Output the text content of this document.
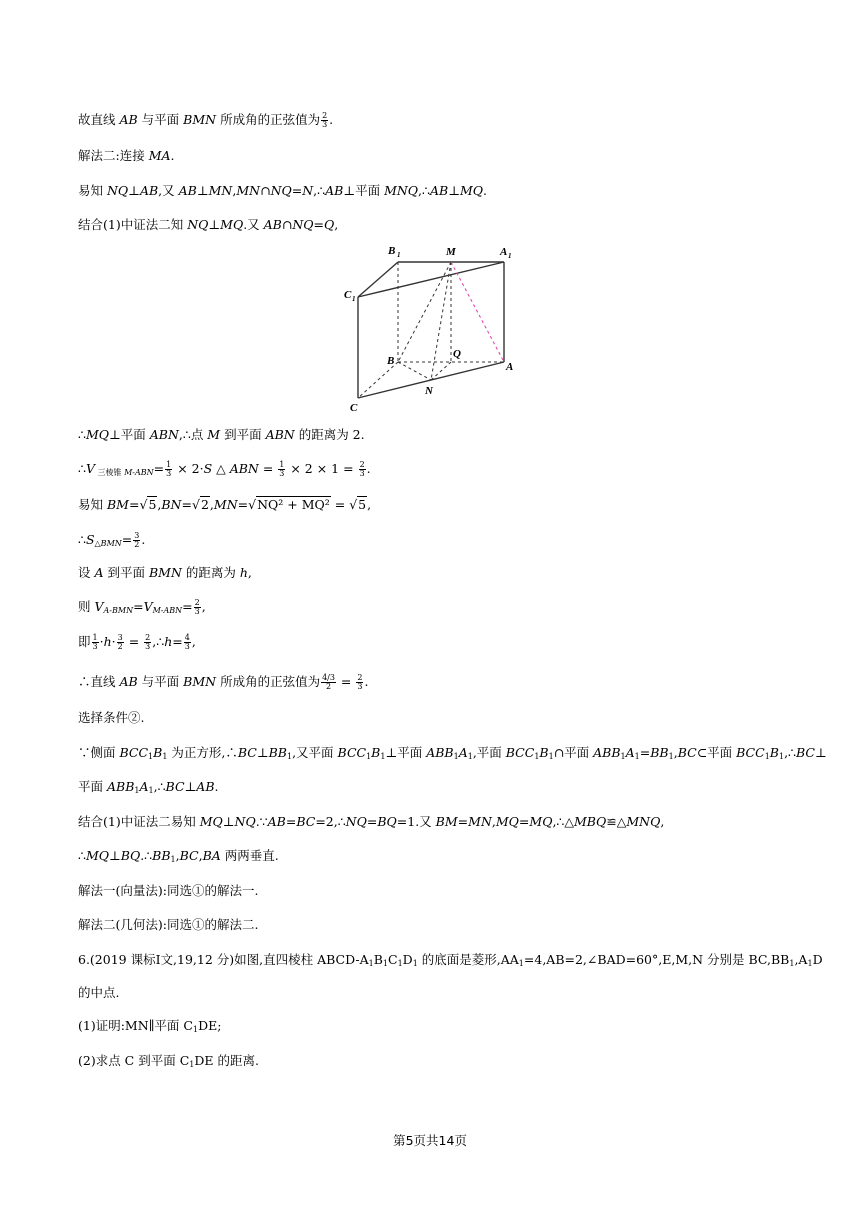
故直线 AB 与平面 BMN 所成角的正弦值为 $\frac{2}{3}$ .
解法二:连接 MA.
易知 NQ⊥AB,又 AB⊥MN,MN∩NQ=N,∴AB⊥平面 MNQ,∴AB⊥MQ.
结合(1)中证法二知 NQ⊥MQ.又 AB∩NQ=Q,
B 1	M	A 1
C 1
B
Q
A
N
C
∴MQ⊥平面 ABN,∴点 M 到平面 ABN 的距离为 2.
∴V $_{三棱锥}$ $_{M-ABN}= \frac{1}{3} \times 2\cdot S$ △ ABN = $\frac{1}{3} \times 2 \times 1 = \frac{2}{3}$ .
易知 BM=√5,BN=√2,MN=√NQ² + MQ² = √5,
$\therefore S_{\triangle BMN}= \frac{3}{2}$ .
设 A 到平面 BMN 的距离为 h,
则 $V_{A-BMN}=V_{M-ABN}= \frac{2}{3}$ ,
即 $\frac{1}{3} \cdot h\cdot \frac{3}{2} = \frac{2}{3}$ ,∴h= $\frac{4}{3}$ ,
∴直线 AB 与平面 BMN 所成角的正弦值为 $\frac{4/3}{2} = \frac{2}{3}$ .
选择条件②.
∵侧面 $BCC_1B_1$ 为正方形$,\therefore BC\perp BB_1$,又平面 $BCC_1B_1\perp$平面 $ABB_1A_1$,平面 $BCC_1B_1\cap$平面 $ABB_1A_1=BB_1,BC\subset$平面 $BCC_1B_1,\therefore BC\perp$
平面 $ABB_1A_1,\therefore BC\perp AB$.
结合(1)中证法二易知 MQ⊥NQ.∵AB=BC=2,∴NQ=BQ=1.又 BM=MN,MQ=MQ,∴△MBQ≌△MNQ,
$\therefore MQ\perp BQ.\therefore BB_1,BC,BA$ 两两垂直.
解法一(向量法):同选①的解法一.
解法二(几何法):同选①的解法二.
6.(2019 课标Ⅰ文,19,12 分)如图,直四棱柱 ABCD-$A_1B_1C_1D_1$ 的底面是菱形$,AA_1=4,AB=2,\angle BAD=60^\circ,E,M,N$ 分别是 $BC,BB_1,A_1D$
的中点.
(1)证明:MN∥平面 $C_1DE$;
(2)求点 C 到平面 $C_1DE$ 的距离.
第5页共14页
